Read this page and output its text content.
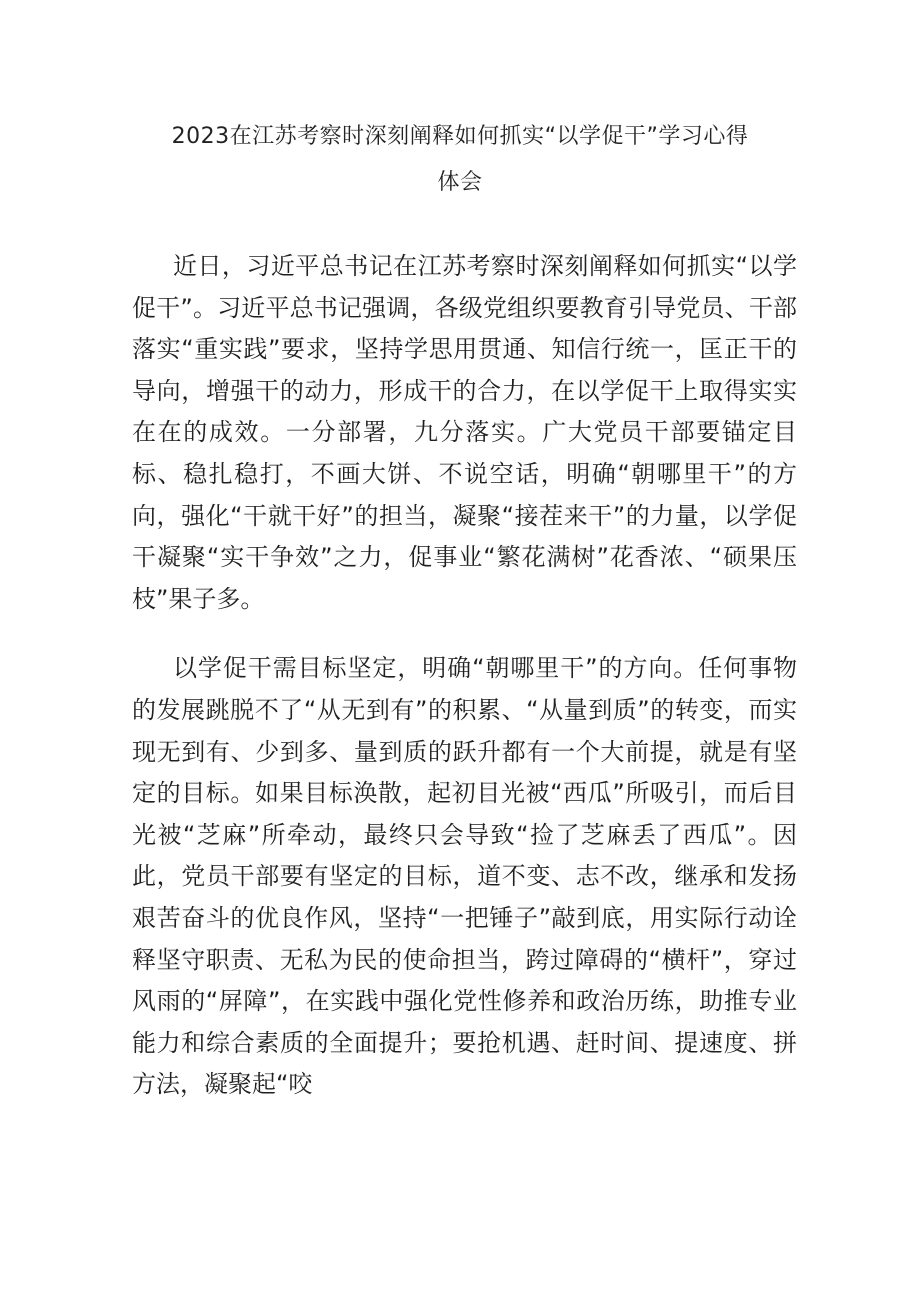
2023在江苏考察时深刻阐释如何抓实“以学促干”学习心得
体会

近日，习近平总书记在江苏考察时深刻阐释如何抓实“以学促干”。习近平总书记强调，各级党组织要教育引导党员、干部落实“重实践”要求，坚持学思用贯通、知信行统一，匡正干的导向，增强干的动力，形成干的合力，在以学促干上取得实实在在的成效。一分部署，九分落实。广大党员干部要锚定目标、稳扎稳打，不画大饼、不说空话，明确“朝哪里干”的方向，强化“干就干好”的担当，凝聚“接茬来干”的力量，以学促干凝聚“实干争效”之力，促事业“繁花满树”花香浓、“硕果压枝”果子多。

以学促干需目标坚定，明确“朝哪里干”的方向。任何事物的发展跳脱不了“从无到有”的积累、“从量到质”的转变，而实现无到有、少到多、量到质的跃升都有一个大前提，就是有坚定的目标。如果目标涣散，起初目光被“西瓜”所吸引，而后目光被“芝麻”所牵动，最终只会导致“捡了芝麻丢了西瓜”。因此，党员干部要有坚定的目标，道不变、志不改，继承和发扬艰苦奋斗的优良作风，坚持“一把锤子”敲到底，用实际行动诠释坚守职责、无私为民的使命担当，跨过障碍的“横杆”，穿过风雨的“屏障”，在实践中强化党性修养和政治历练，助推专业能力和综合素质的全面提升；要抢机遇、赶时间、提速度、拼方法，凝聚起“咬
